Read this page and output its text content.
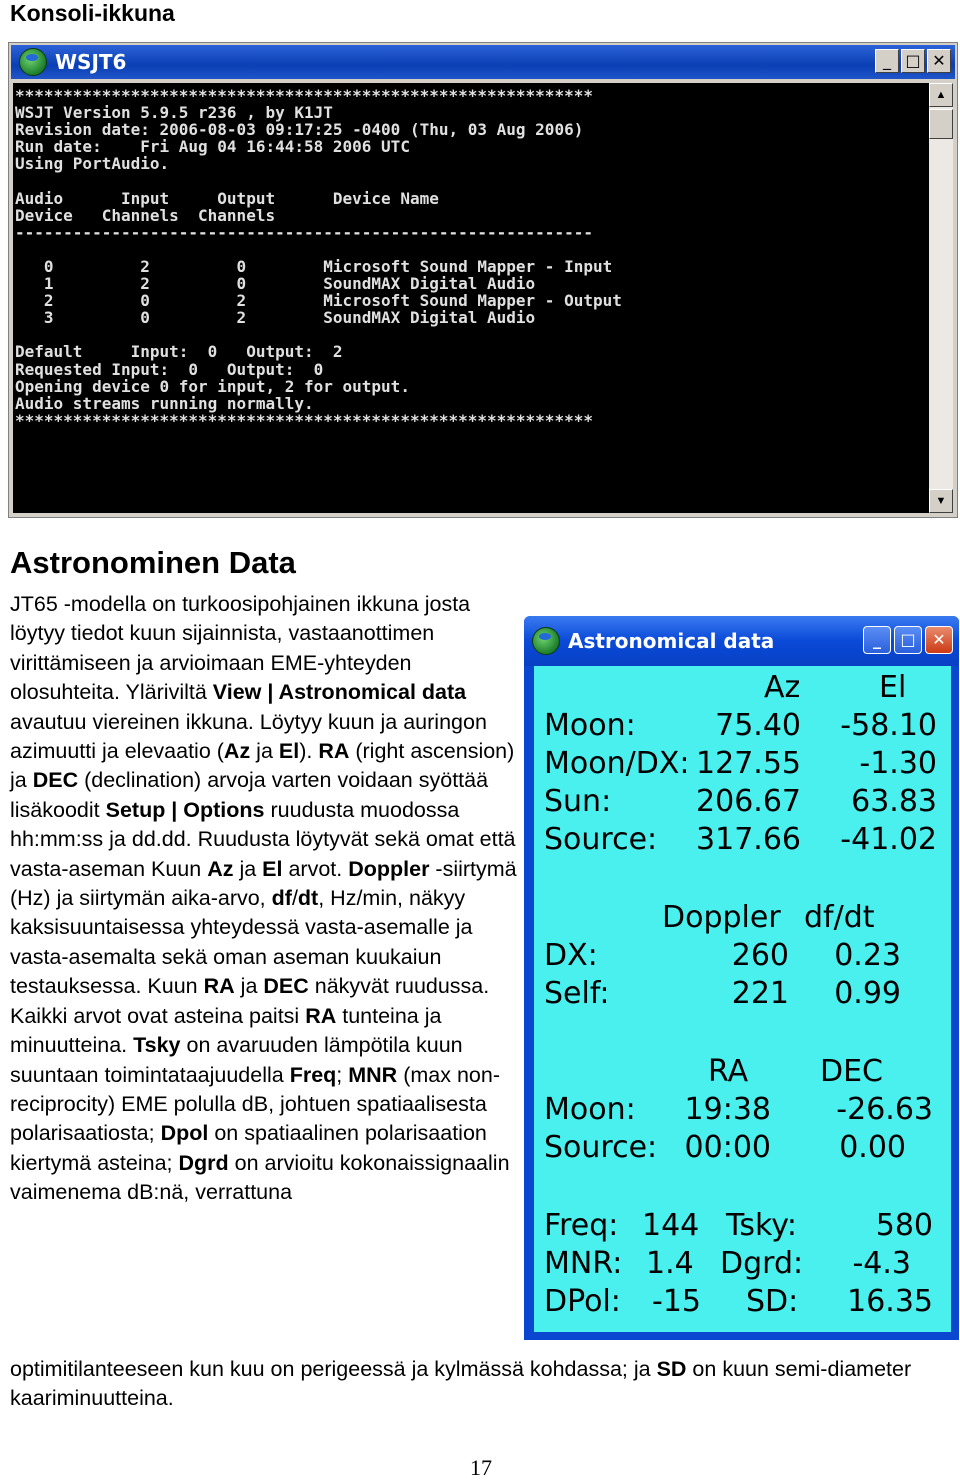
Konsoli-ikkuna
WSJT6	_ □ ✕
************************************************************
WSJT Version 5.9.5 r236 , by K1JT
Revision date: 2006-08-03 09:17:25 -0400 (Thu, 03 Aug 2006)
Run date:    Fri Aug 04 16:44:58 2006 UTC
Using PortAudio.

Audio      Input     Output      Device Name
Device   Channels  Channels
------------------------------------------------------------

0         2         0        Microsoft Sound Mapper - Input
1         2         0        SoundMAX Digital Audio
2         0         2        Microsoft Sound Mapper - Output
3         0         2        SoundMAX Digital Audio

Default     Input:  0   Output:  2
Requested Input:  0   Output:  0
Opening device 0 for input, 2 for output.
Audio streams running normally.
************************************************************
▲
▼
Astronominen Data
JT65 -modella on turkoosipohjainen ikkuna josta löytyy tiedot kuun sijainnista, vastaanottimen virittämiseen ja arvioimaan EME-yhteyden olosuhteita. Yläriviltä View | Astronomical data avautuu viereinen ikkuna. Löytyy kuun ja auringon azimuutti ja elevaatio (Az ja El). RA (right ascension) ja DEC (declination) arvoja varten voidaan syöttää lisäkoodit Setup | Options ruudusta muodossa hh:mm:ss ja dd.dd. Ruudusta löytyvät sekä omat että vasta-aseman Kuun Az ja El arvot. Doppler -siirtymä (Hz) ja siirtymän aika-arvo, df/dt, Hz/min, näkyy kaksisuuntaisessa yhteydessä vasta-asemalle ja vasta-asemalta sekä oman aseman kuukaiun testauksessa. Kuun RA ja DEC näkyvät ruudussa. Kaikki arvot ovat asteina paitsi RA tunteina ja minuutteina. Tsky on avaruuden lämpötila kuun suuntaan toimintataajuudella Freq; MNR (max non-reciprocity) EME polulla dB, johtuen spatiaalisesta polarisaatiosta; Dpol on spatiaalinen polarisaation kiertymä asteina; Dgrd on arvioitu kokonaissignaalin vaimenema dB:nä, verrattuna
optimitilanteeseen kun kuu on perigeessä ja kylmässä kohdassa; ja SD on kuun semi-diameter kaariminuutteina.
Astronomical data	_	□	✕
Az	El
Moon:	75.40 -58.10
Moon/DX: 127.55 -1.30
Sun:	206.67 63.83
Source: 317.66 -41.02
Doppler df/dt
DX:	260 0.23
Self:	221 0.99
RA DEC
Moon: 19:38 -26.63
Source: 00:00 0.00
Freq: 144 Tsky:	580
MNR: 1.4 Dgrd: -4.3
DPol: -15 SD: 16.35
17
